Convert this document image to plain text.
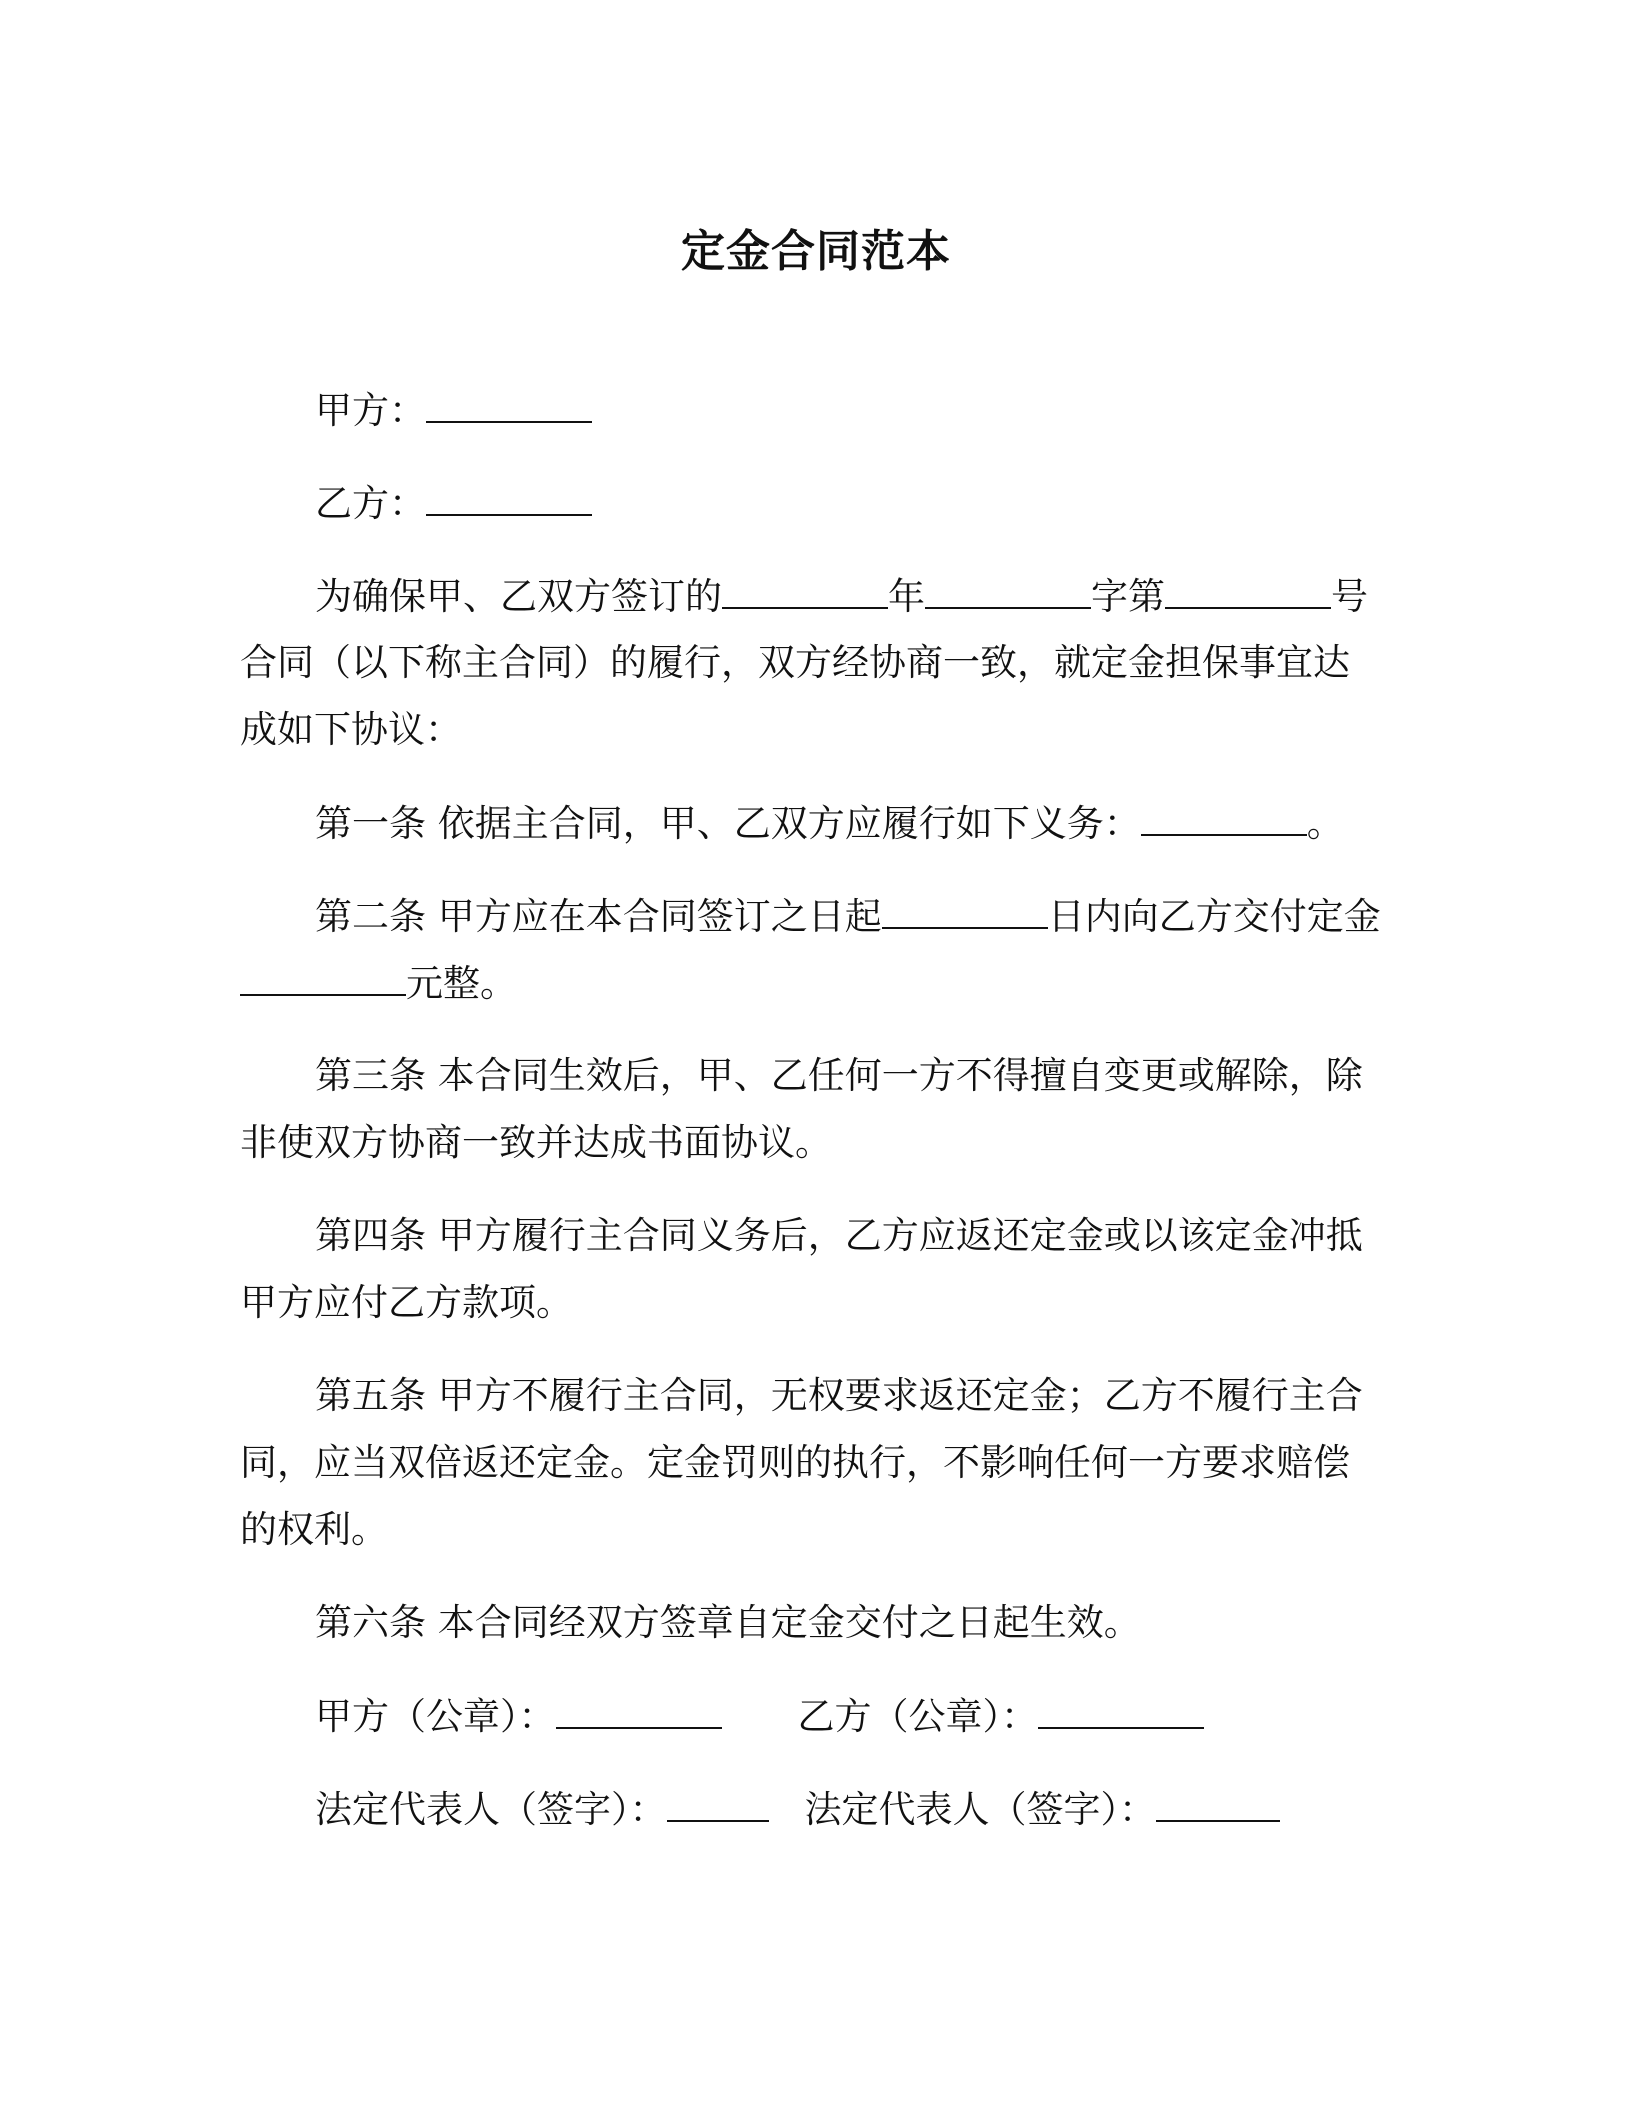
定金合同范本

甲方：

乙方：

为确保甲、乙双方签订的	年	字第	号

合同（以下称主合同）的履行，双方经协商一致，就定金担保事宜达

成如下协议：

第一条 依据主合同，甲、乙双方应履行如下义务：	。

第二条 甲方应在本合同签订之日起	日内向乙方交付定金

元整。

第三条 本合同生效后，甲、乙任何一方不得擅自变更或解除，除

非使双方协商一致并达成书面协议。

第四条 甲方履行主合同义务后，乙方应返还定金或以该定金冲抵

甲方应付乙方款项。

第五条 甲方不履行主合同，无权要求返还定金；乙方不履行主合

同，应当双倍返还定金。定金罚则的执行，不影响任何一方要求赔偿

的权利。

第六条 本合同经双方签章自定金交付之日起生效。

甲方（公章）：	乙方（公章）：

法定代表人（签字）：	法定代表人（签字）：
